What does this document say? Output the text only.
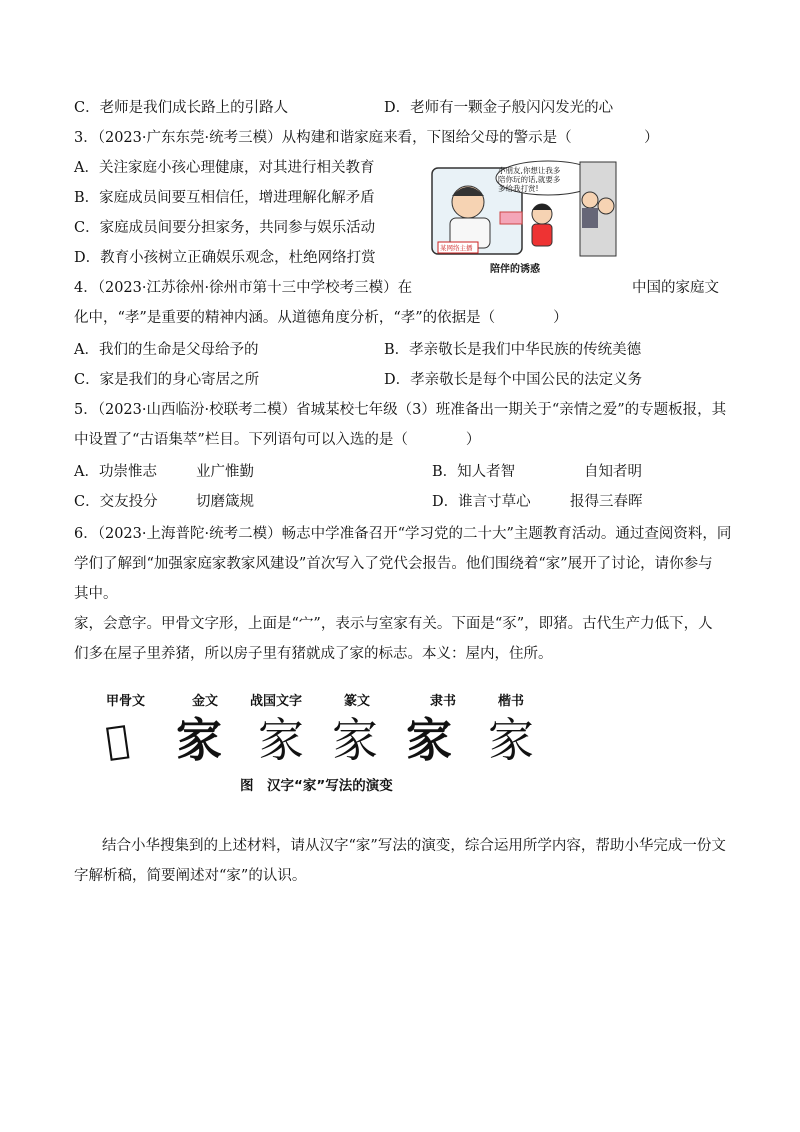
C．老师是我们成长路上的引路人	D．老师有一颗金子般闪闪发光的心
3．（2023·广东东莞·统考三模）从构建和谐家庭来看，下图给父母的警示是（　　　　　）
A．关注家庭小孩心理健康，对其进行相关教育
B．家庭成员间要互相信任，增进理解化解矛盾
C．家庭成员间要分担家务，共同参与娱乐活动
D．教育小孩树立正确娱乐观念，杜绝网络打赏
小朋友,你想让我多
陪你玩的话,就要多
多给我打赏!
某网络主播
陪伴的诱惑
4．（2023·江苏徐州·徐州市第十三中学校考三模）在	中国的家庭文
化中，“孝”是重要的精神内涵。从道德角度分析，“孝”的依据是（　　　　）
A．我们的生命是父母给予的	B．孝亲敬长是我们中华民族的传统美德
C．家是我们的身心寄居之所	D．孝亲敬长是每个中国公民的法定义务
5．（2023·山西临汾·校联考二模）省城某校七年级（3）班准备出一期关于“亲情之爱”的专题板报，其
中设置了“古语集萃”栏目。下列语句可以入选的是（　　　　）
A．功崇惟志	业广惟勤	B．知人者智	自知者明
C．交友投分	切磨箴规	D．谁言寸草心	报得三春晖
6．（2023·上海普陀·统考二模）畅志中学准备召开“学习党的二十大”主题教育活动。通过查阅资料，同
学们了解到“加强家庭家教家风建设”首次写入了党代会报告。他们围绕着“家”展开了讨论，请你参与
其中。
家，会意字。甲骨文字形，上面是“宀”，表示与室家有关。下面是“豕”，即猪。古代生产力低下，人
们多在屋子里养猪，所以房子里有猪就成了家的标志。本义：屋内，住所。
甲骨文	金文 战国文字	篆文	隶书	楷书
𡧊 家 家 家 家 家
图　汉字“家”写法的演变
结合小华搜集到的上述材料，请从汉字“家”写法的演变，综合运用所学内容，帮助小华完成一份文
字解析稿，简要阐述对“家”的认识。
